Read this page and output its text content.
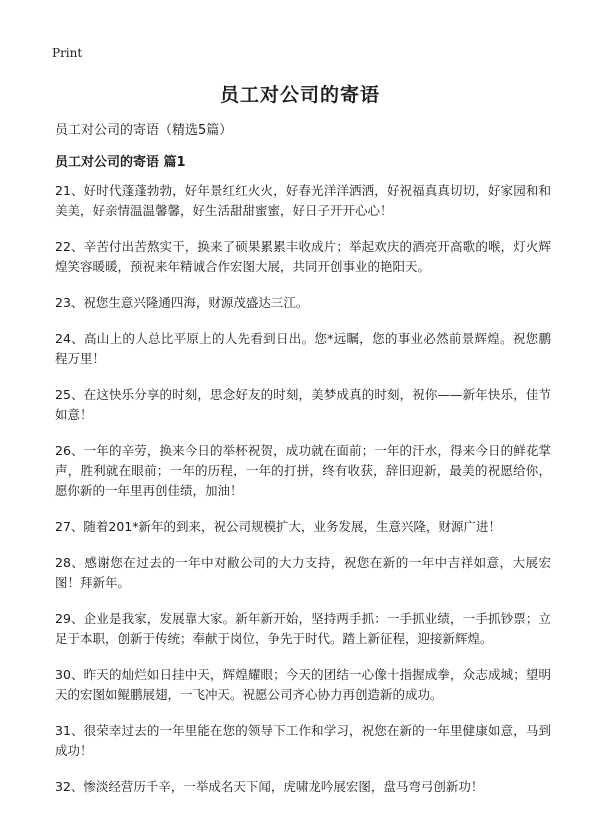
Print
员工对公司的寄语
员工对公司的寄语（精选5篇）
员工对公司的寄语 篇1

21、好时代蓬蓬勃勃，好年景红红火火，好春光洋洋洒洒，好祝福真真切切，好家园和和美美，好亲情温温馨馨，好生活甜甜蜜蜜，好日子开开心心！

22、辛苦付出苦熬实干，换来了硕果累累丰收成片；举起欢庆的酒亮开高歌的喉，灯火辉煌笑容暖暖，预祝来年精诚合作宏图大展，共同开创事业的艳阳天。

23、祝您生意兴隆通四海，财源茂盛达三江。

24、高山上的人总比平原上的人先看到日出。您*远瞩，您的事业必然前景辉煌。祝您鹏程万里！

25、在这快乐分享的时刻，思念好友的时刻，美梦成真的时刻，祝你——新年快乐，佳节如意！

26、一年的辛劳，换来今日的举杯祝贺，成功就在面前；一年的汗水，得来今日的鲜花掌声，胜利就在眼前；一年的历程，一年的打拼，终有收获，辞旧迎新，最美的祝愿给你，愿你新的一年里再创佳绩，加油！

27、随着201*新年的到来，祝公司规模扩大，业务发展，生意兴隆，财源广进！

28、感谢您在过去的一年中对敝公司的大力支持，祝您在新的一年中吉祥如意，大展宏图！拜新年。

29、企业是我家，发展靠大家。新年新开始，坚持两手抓：一手抓业绩，一手抓钞票；立足于本职，创新于传统；奉献于岗位，争先于时代。踏上新征程，迎接新辉煌。

30、昨天的灿烂如日挂中天，辉煌耀眼；今天的团结一心像十指握成拳，众志成城；望明天的宏图如鲲鹏展翅，一飞冲天。祝愿公司齐心协力再创造新的成功。

31、很荣幸过去的一年里能在您的领导下工作和学习，祝您在新的一年里健康如意，马到成功！

32、惨淡经营历千辛，一举成名天下闻，虎啸龙吟展宏图，盘马弯弓创新功！
